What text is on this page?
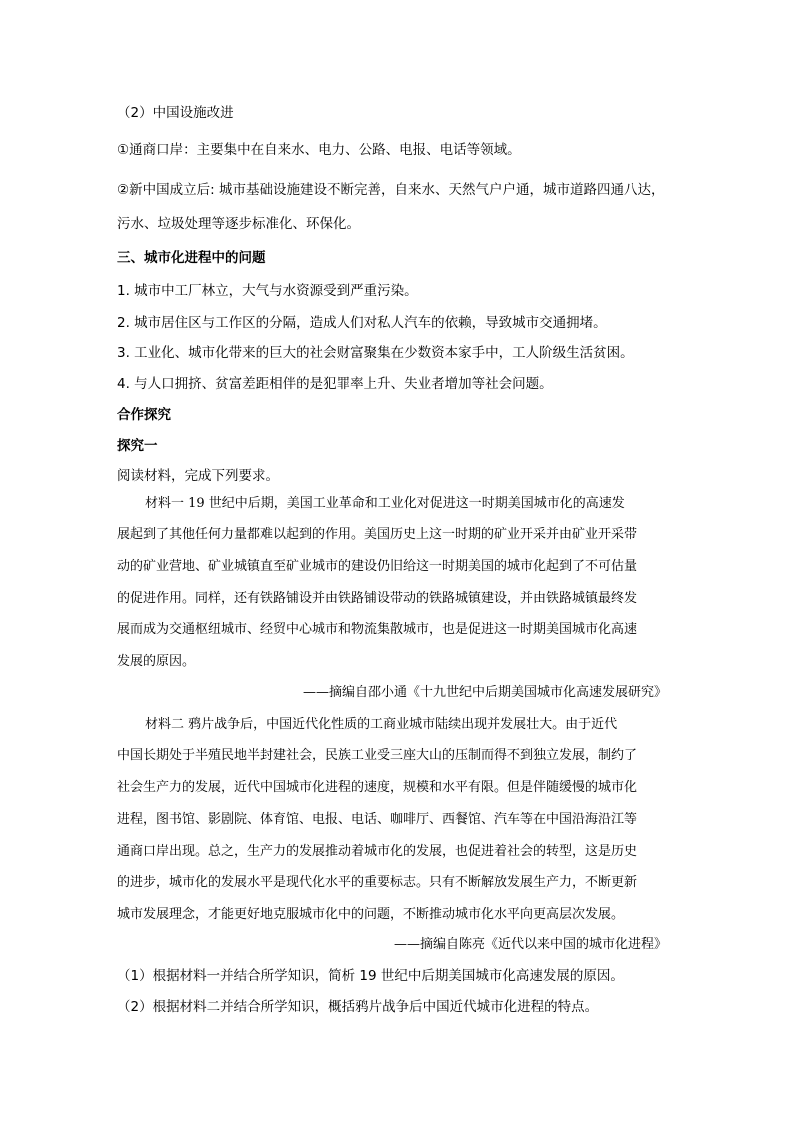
（2）中国设施改进
①通商口岸：主要集中在自来水、电力、公路、电报、电话等领域。
②新中国成立后: 城市基础设施建设不断完善，自来水、天然气户户通，城市道路四通八达，
污水、垃圾处理等逐步标准化、环保化。
三、城市化进程中的问题
1. 城市中工厂林立，大气与水资源受到严重污染。
2. 城市居住区与工作区的分隔，造成人们对私人汽车的依赖，导致城市交通拥堵。
3. 工业化、城市化带来的巨大的社会财富聚集在少数资本家手中，工人阶级生活贫困。
4. 与人口拥挤、贫富差距相伴的是犯罪率上升、失业者增加等社会问题。
合作探究
探究一
阅读材料，完成下列要求。
材料一 19 世纪中后期，美国工业革命和工业化对促进这一时期美国城市化的高速发
展起到了其他任何力量都难以起到的作用。美国历史上这一时期的矿业开采并由矿业开采带
动的矿业营地、矿业城镇直至矿业城市的建设仍旧给这一时期美国的城市化起到了不可估量
的促进作用。同样，还有铁路铺设并由铁路铺设带动的铁路城镇建设，并由铁路城镇最终发
展而成为交通枢纽城市、经贸中心城市和物流集散城市，也是促进这一时期美国城市化高速
发展的原因。
——摘编自邵小通《十九世纪中后期美国城市化高速发展研究》
材料二 鸦片战争后，中国近代化性质的工商业城市陆续出现并发展壮大。由于近代
中国长期处于半殖民地半封建社会，民族工业受三座大山的压制而得不到独立发展，制约了
社会生产力的发展，近代中国城市化进程的速度，规模和水平有限。但是伴随缓慢的城市化
进程，图书馆、影剧院、体育馆、电报、电话、咖啡厅、西餐馆、汽车等在中国沿海沿江等
通商口岸出现。总之，生产力的发展推动着城市化的发展，也促进着社会的转型，这是历史
的进步，城市化的发展水平是现代化水平的重要标志。只有不断解放发展生产力，不断更新
城市发展理念，才能更好地克服城市化中的问题，不断推动城市化水平向更高层次发展。
——摘编自陈亮《近代以来中国的城市化进程》
（1）根据材料一并结合所学知识，简析 19 世纪中后期美国城市化高速发展的原因。
（2）根据材料二并结合所学知识，概括鸦片战争后中国近代城市化进程的特点。
